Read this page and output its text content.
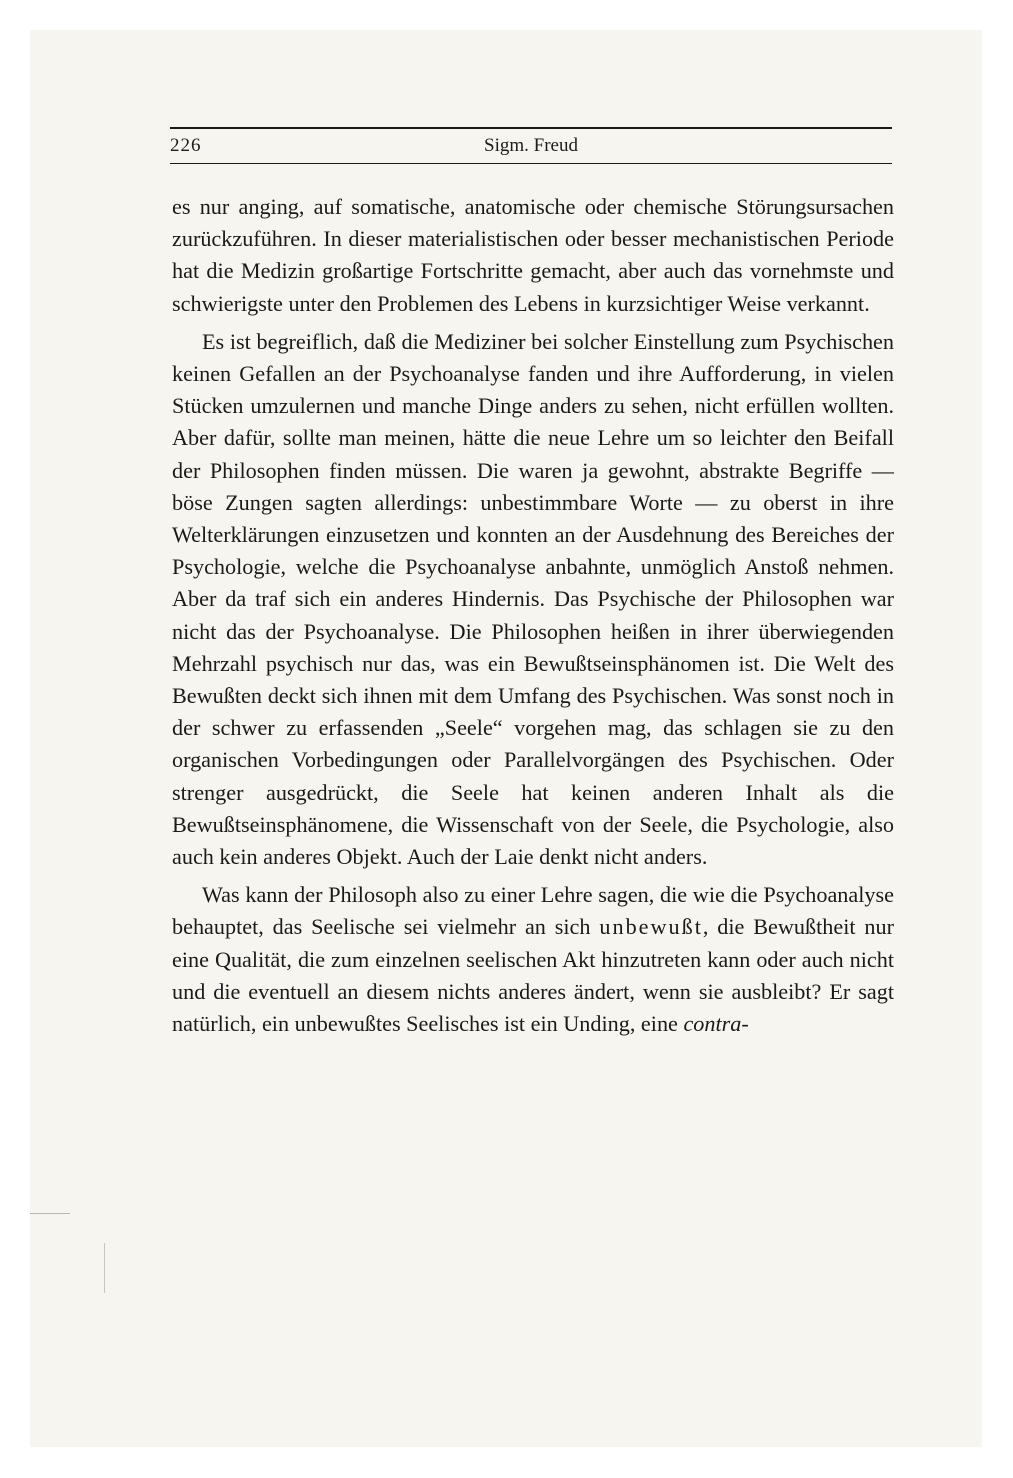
226	Sigm. Freud

es nur anging, auf somatische, anatomische oder chemische Störungsursachen zurückzuführen. In dieser materialistischen oder besser mechanistischen Periode hat die Medizin großartige Fortschritte gemacht, aber auch das vornehmste und schwierigste unter den Problemen des Lebens in kurzsichtiger Weise verkannt.

Es ist begreiflich, daß die Mediziner bei solcher Einstellung zum Psychischen keinen Gefallen an der Psychoanalyse fanden und ihre Aufforderung, in vielen Stücken umzulernen und manche Dinge anders zu sehen, nicht erfüllen wollten. Aber dafür, sollte man meinen, hätte die neue Lehre um so leichter den Beifall der Philosophen finden müssen. Die waren ja gewohnt, abstrakte Begriffe — böse Zungen sagten allerdings: unbestimmbare Worte — zu oberst in ihre Welterklärungen einzusetzen und konnten an der Ausdehnung des Bereiches der Psychologie, welche die Psychoanalyse anbahnte, unmöglich Anstoß nehmen. Aber da traf sich ein anderes Hindernis. Das Psychische der Philosophen war nicht das der Psychoanalyse. Die Philosophen heißen in ihrer überwiegenden Mehrzahl psychisch nur das, was ein Bewußtseinsphänomen ist. Die Welt des Bewußten deckt sich ihnen mit dem Umfang des Psychischen. Was sonst noch in der schwer zu erfassenden „Seele“ vorgehen mag, das schlagen sie zu den organischen Vorbedingungen oder Parallelvorgängen des Psychischen. Oder strenger ausgedrückt, die Seele hat keinen anderen Inhalt als die Bewußtseinsphänomene, die Wissenschaft von der Seele, die Psychologie, also auch kein anderes Objekt. Auch der Laie denkt nicht anders.

Was kann der Philosoph also zu einer Lehre sagen, die wie die Psychoanalyse behauptet, das Seelische sei vielmehr an sich unbewußt, die Bewußtheit nur eine Qualität, die zum einzelnen seelischen Akt hinzutreten kann oder auch nicht und die eventuell an diesem nichts anderes ändert, wenn sie ausbleibt? Er sagt natürlich, ein unbewußtes Seelisches ist ein Unding, eine contra-
